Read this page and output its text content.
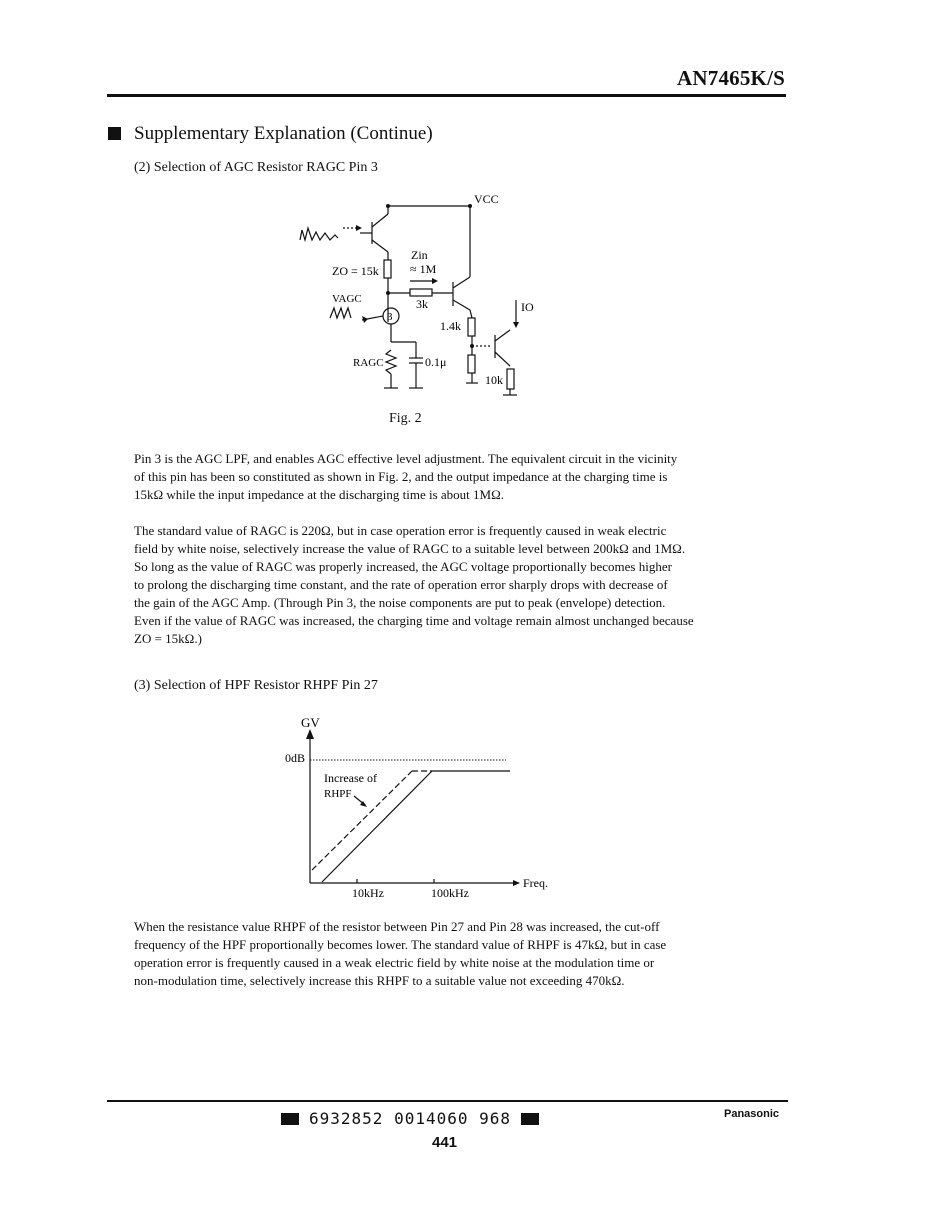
AN7465K/S
Supplementary Explanation (Continue)
(2) Selection of AGC Resistor RAGC Pin 3
VCC
ZO = 15k
Zin
≈ 1M
3k
VAGC
3
1.4k
IO
RAGC	0.1μ
10k
Fig. 2

Pin 3 is the AGC LPF, and enables AGC effective level adjustment. The equivalent circuit in the vicinity

of this pin has been so constituted as shown in Fig. 2, and the output impedance at the charging time is

15kΩ while the input impedance at the discharging time is about 1MΩ.

The standard value of RAGC is 220Ω, but in case operation error is frequently caused in weak electric

field by white noise, selectively increase the value of RAGC to a suitable level between 200kΩ and 1MΩ.

So long as the value of RAGC was properly increased, the AGC voltage proportionally becomes higher

to prolong the discharging time constant, and the rate of operation error sharply drops with decrease of

the gain of the AGC Amp. (Through Pin 3, the noise components are put to peak (envelope) detection.

Even if the value of RAGC was increased, the charging time and voltage remain almost unchanged because

ZO = 15kΩ.)

(3) Selection of HPF Resistor RHPF Pin 27
GV
0dB
Increase of
RHPF
10kHz	100kHz
Freq.

When the resistance value RHPF of the resistor between Pin 27 and Pin 28 was increased, the cut-off

frequency of the HPF proportionally becomes lower. The standard value of RHPF is 47kΩ, but in case

operation error is frequently caused in a weak electric field by white noise at the modulation time or

non-modulation time, selectively increase this RHPF to a suitable value not exceeding 470kΩ.

6932852 0014060 968
441
Panasonic
